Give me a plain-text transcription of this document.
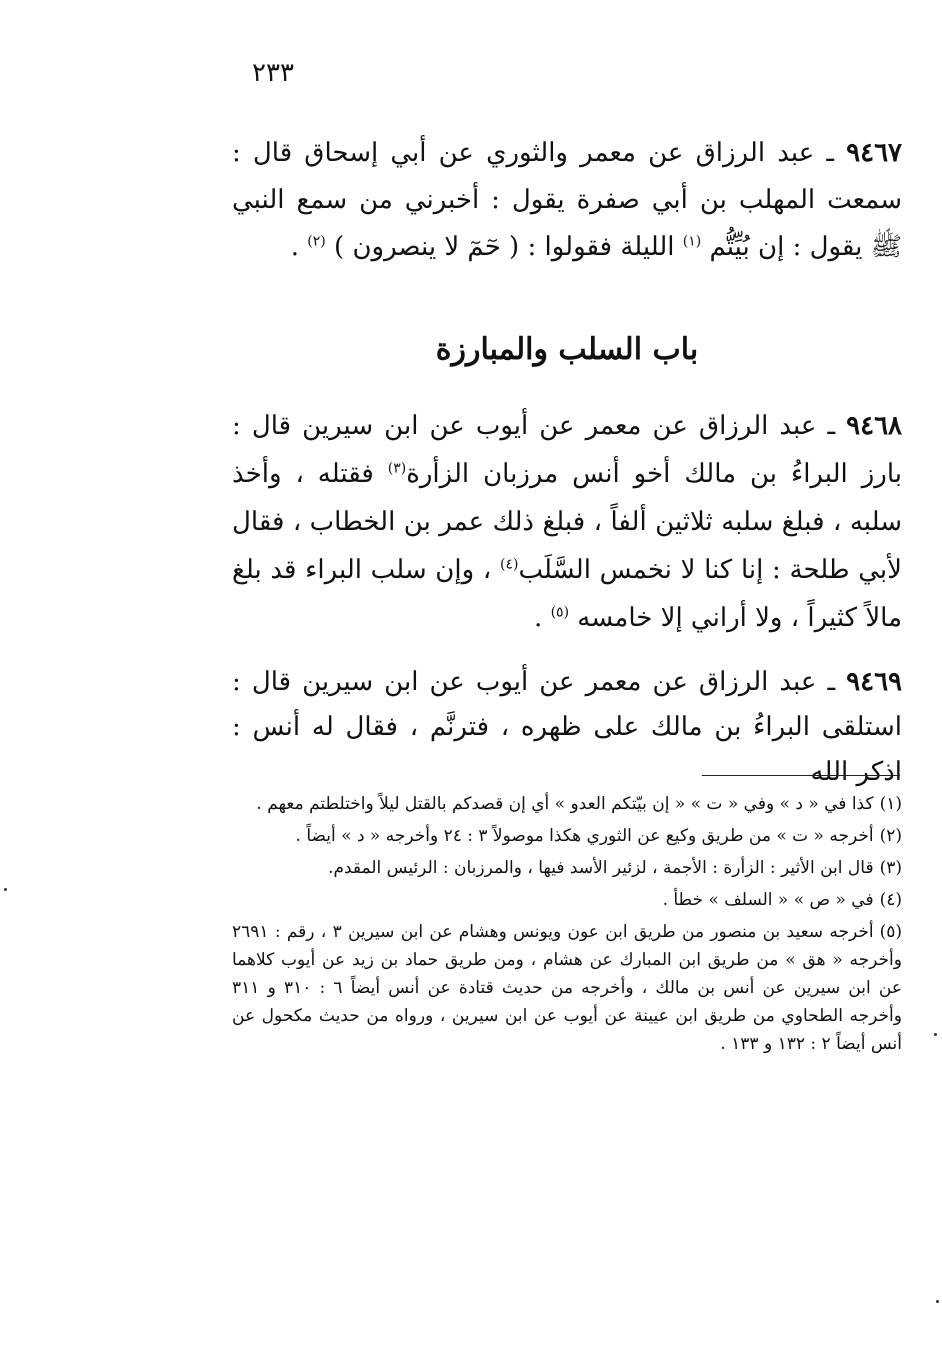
٢٣٣
٩٤٦٧ ـ عبد الرزاق عن معمر والثوري عن أبي إسحاق قال : سمعت المهلب بن أبي صفرة يقول : أخبرني من سمع النبي ﷺ يقول : إن بُيِّتُّم $^{(١)}$ الليلة فقولوا : ( حٓمٓ لا ينصرون ) $^{(٢)}$ .
باب السلب والمبارزة
٩٤٦٨ ـ عبد الرزاق عن معمر عن أيوب عن ابن سيرين قال : بارز البراءُ بن مالك أخو أنس مرزبان الزأرة$^{(٣)}$ فقتله ، وأخذ سلبه ، فبلغ سلبه ثلاثين ألفاً ، فبلغ ذلك عمر بن الخطاب ، فقال لأبي طلحة : إنا كنا لا نخمس السَّلَب$^{(٤)}$ ، وإن سلب البراء قد بلغ مالاً كثيراً ، ولا أراني إلا خامسه $^{(٥)}$ .
٩٤٦٩ ـ عبد الرزاق عن معمر عن أيوب عن ابن سيرين قال : استلقى البراءُ بن مالك على ظهره ، فترنَّم ، فقال له أنس : اذكر الله
(١)كذا في « د » وفي « ت » « إن بيّتكم العدو » أي إن قصدكم بالقتل ليلاً واختلطتم معهم .
(٢)أخرجه « ت » من طريق وكيع عن الثوري هكذا موصولاً ٣ : ٢٤ وأخرجه « د » أيضاً .
(٣)قال ابن الأثير : الزأرة : الأجمة ، لزئير الأسد فيها ، والمرزبان : الرئيس المقدم.
(٤)في « ص » « السلف » خطأ .
(٥)أخرجه سعيد بن منصور من طريق ابن عون ويونس وهشام عن ابن سيرين ٣ ، رقم : ٢٦٩١ وأخرجه « هق » من طريق ابن المبارك عن هشام ، ومن طريق حماد بن زيد عن أيوب كلاهما عن ابن سيرين عن أنس بن مالك ، وأخرجه من حديث قتادة عن أنس أيضاً ٦ : ٣١٠ و ٣١١ وأخرجه الطحاوي من طريق ابن عيينة عن أيوب عن ابن سيرين ، ورواه من حديث مكحول عن أنس أيضاً ٢ : ١٣٢ و ١٣٣ .
